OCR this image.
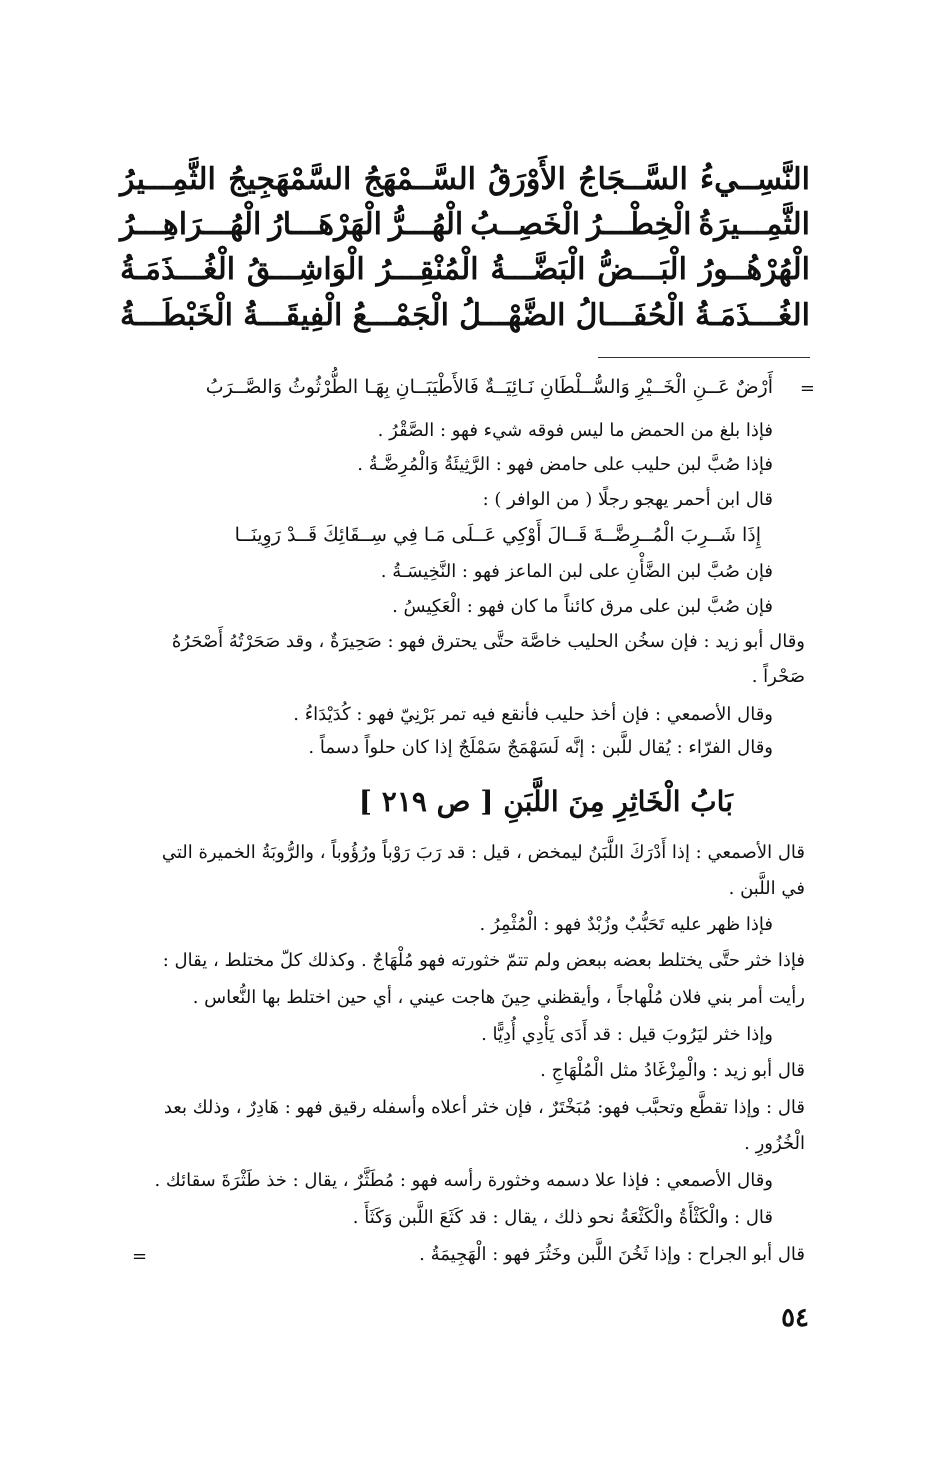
النَّسِــيءُ
السَّــجَاجُ
الأَوْرَقُ
السَّــمْهَجُ
السَّمْهَجِيجُ
الثَّمِـــيرُ
الثَّمِـــيرَةُ
الْخِطْـــرُ
الْخَصِــبُ
الْهُـــرُّ
الْهَرْهَـــارُ
الْهُـــرَاهِـــرُ
الْهُرْهُــورُ
الْبَـــضُّ
الْبَضَّـــةُ
الْمُنْقِـــرُ
الْوَاشِـــقُ
الْغُـــذَمَـةُ
الغُـــذَمَـةُ
الْحُفَـــالُ
الضَّهْـــلُ
الْجَمْـــعُ
الْفِيقَـــةُ
الْخَبْطَـــةُ
=
أَرْضٌ عَــنِ الْخَــيْرِ وَالسُّــلْطَانِ نَـائِيَــةٌ فَالأَطْيَبَــانِ بِهَـا الطُّرْثُوثُ وَالصَّــرَبُ
فإذا بلغ من الحمض ما ليس فوقه شيء فهو : الصَّقْرُ .
فإذا صُبَّ لبن حليب على حامض فهو : الرَّثِيئَةُ وَالْمُرِضَّـةُ .
قال ابن أحمر يهجو رجلًا ( من الوافر ) :
إِذَا شَــرِبَ الْمُــرِضَّــةَ قَــالَ أَوْكِي عَــلَى مَـا فِي سِــقَائِكَ قَــدْ رَوِينَــا
فإن صُبَّ لبن الضَّأْنِ على لبن الماعز فهو : النَّخِيسَـةُ .
فإن صُبَّ لبن على مرق كائناً ما كان فهو : الْعَكِيسُ .
وقال أبو زيد : فإن سخُن الحليب خاصَّة حتَّى يحترق فهو : صَحِيرَةٌ ، وقد صَحَرْتُهُ أَصْحَرُهُ
صَحْراً .
وقال الأصمعي : فإن أخذ حليب فأنقع فيه تمر بَرْنِيّ فهو : كُدَيْدَاءُ .
وقال الفرّاء : يُقال للَّبن : إنَّه لَسَهْمَجٌ سَمْلَجٌ إذا كان حلواً دسماً .
بَابُ الْخَاثِرِ مِنَ اللَّبَنِ [ ص ٢١٩ ]
قال الأصمعي : إذا أَدْرَكَ اللَّبَنُ ليمخض ، قيل : قد رَبَ رَوْباً ورُؤُوباً ، والرُّوبَةُ الخميرة التي
في اللَّبن .
فإذا ظهر عليه تَحَبُّبٌ وزُبْدٌ فهو : الْمُثْمِرُ .
فإذا خثر حتَّى يختلط بعضه ببعض ولم تتمّ خثورته فهو مُلْهَاجٌ . وكذلك كلّ مختلط ، يقال :
رأيت أمر بني فلان مُلْهاجاً ، وأيقظني حِينَ هاجت عيني ، أي حين اختلط بها النُّعاس .
وإذا خثر ليَرُوبَ قيل : قد أَدَى يَأْدِي أُدِيًّا .
قال أبو زيد : والْمِزْغَادُ مثل الْمُلْهَاجِ .
قال : وإذا تقطَّع وتحبَّب فهو: مُبَخْتَرٌ ، فإن خثر أعلاه وأسفله رقيق فهو : هَادِرٌ ، وذلك بعد
الْخُزُورِ .
وقال الأصمعي : فإذا علا دسمه وخثورة رأسه فهو : مُطَثَّرٌ ، يقال : خذ طَثْرَةَ سقائك .
قال : والْكَثْأَةُ والْكَثْعَةُ نحو ذلك ، يقال : قد كَثَعَ اللَّبن وَكَثَأَ .
قال أبو الجراح : وإذا ثَخُنَ اللَّبن وخَثُرَ فهو : الْهَجِيمَةُ .
=
٥٤
